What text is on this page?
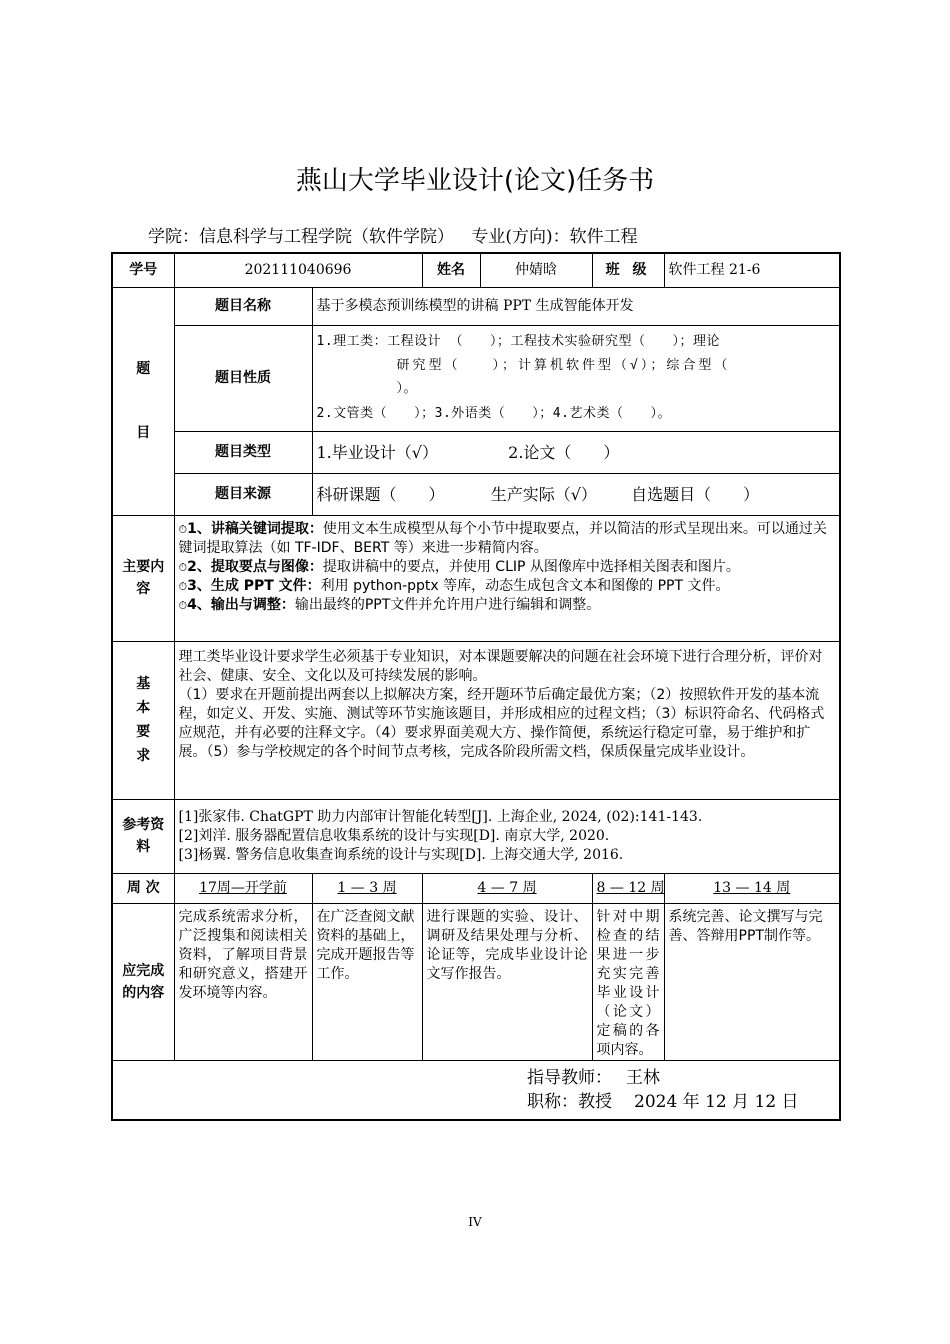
燕山大学毕业设计(论文)任务书
学院：信息科学与工程学院（软件学院） 专业(方向)：软件工程
学号	202111040696		姓名	仲婧晗	班 级	软件工程 21-6

题
目	题目名称	基于多模态预训练模型的讲稿 PPT 生成智能体开发				
	题目性质	1.理工类：工程设计 （　　）；工程技术实验研究型（　　）；理论

研究型（　　）；计算机软件型（√）；综合型（

）。

2.文管类（　　）；3.外语类（　　）；4.艺术类（　　）。				

	题目类型	1.毕业设计（√） 2.论文（　　）				
	题目来源	科研课题（　　） 生产实际（√） 自选题目（　　）				
主要内容	⏱1、讲稿关键词提取：使用文本生成模型从每个小节中提取要点，并以简洁的形式呈现出来。可以通过关键词提取算法（如 TF-IDF、BERT 等）来进一步精简内容。

⏱2、提取要点与图像：提取讲稿中的要点，并使用 CLIP 从图像库中选择相关图表和图片。

⏱3、生成 PPT 文件：利用 python-pptx 等库，动态生成包含文本和图像的 PPT 文件。

⏱4、输出与调整：输出最终的PPT文件并允许用户进行编辑和调整。					

基本要求	理工类毕业设计要求学生必须基于专业知识，对本课题要解决的问题在社会环境下进行合理分析，评价对社会、健康、安全、文化以及可持续发展的影响。

（1）要求在开题前提出两套以上拟解决方案，经开题环节后确定最优方案；（2）按照软件开发的基本流程，如定义、开发、实施、测试等环节实施该题目，并形成相应的过程文档；（3）标识符命名、代码格式应规范，并有必要的注释文字。（4）要求界面美观大方、操作简便，系统运行稳定可靠，易于维护和扩展。（5）参与学校规定的各个时间节点考核，完成各阶段所需文档，保质保量完成毕业设计。					

参考资料	[1]张家伟. ChatGPT 助力内部审计智能化转型[J]. 上海企业, 2024, (02):141-143.

[2]刘洋. 服务器配置信息收集系统的设计与实现[D]. 南京大学, 2020.

[3]杨翼. 警务信息收集查询系统的设计与实现[D]. 上海交通大学, 2016.					

周 次	17周—开学前	1 — 3 周	4 — 7 周		8 — 12 周	13 — 14 周
应完成的内容	完成系统需求分析，广泛搜集和阅读相关资料，了解项目背景和研究意义，搭建开发环境等内容。	在广泛查阅文献资料的基础上，完成开题报告等工作。	进行课题的实验、设计、调研及结果处理与分析、论证等，完成毕业设计论文写作报告。		针对中期检查的结果进一步充实完善毕业设计（论文）定稿的各项内容。	系统完善、论文撰写与完善、答辩用PPT制作等。

指导教师： 王林
职称：教授 2024 年 12 月 12 日						
IV
